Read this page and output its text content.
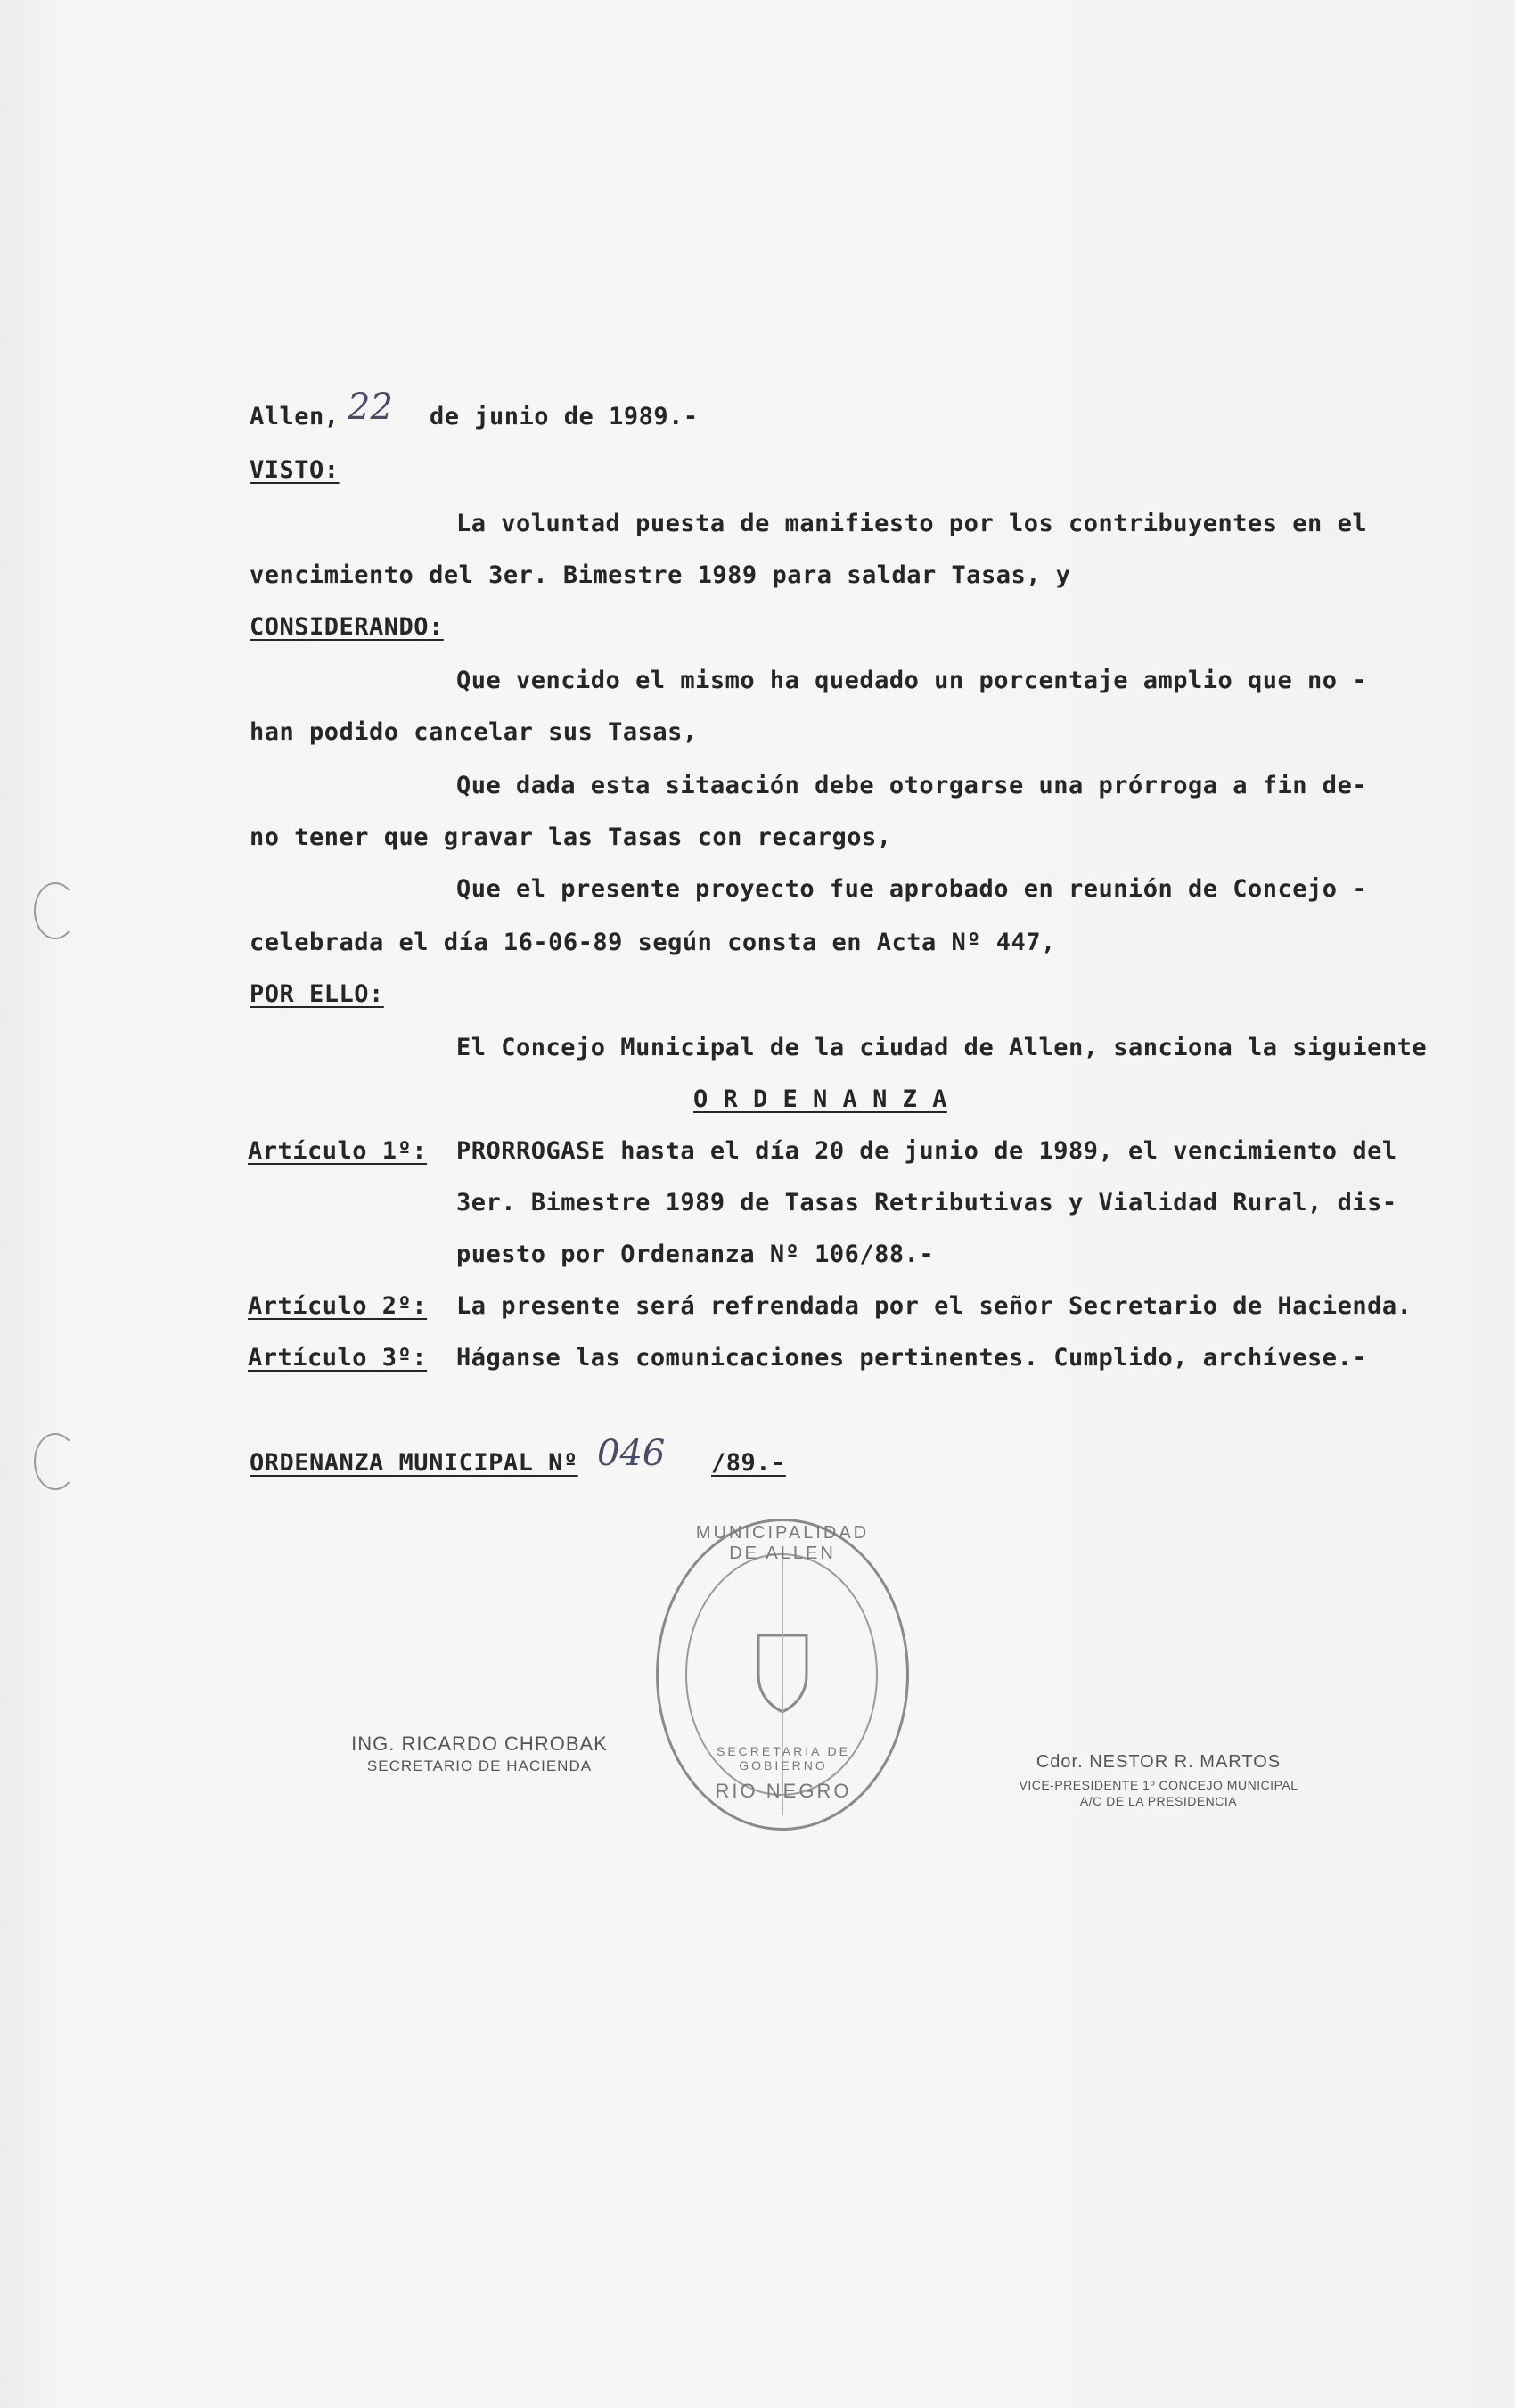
Allen, 22 de junio de 1989.-
VISTO:
La voluntad puesta de manifiesto por los contribuyentes en el
vencimiento del 3er. Bimestre 1989 para saldar Tasas, y
CONSIDERANDO:
Que vencido el mismo ha quedado un porcentaje amplio que no -
han podido cancelar sus Tasas,
Que dada esta sitaación debe otorgarse una prórroga a fin de-
no tener que gravar las Tasas con recargos,
Que el presente proyecto fue aprobado en reunión de Concejo -
celebrada el día 16-06-89 según consta en Acta Nº 447,
POR ELLO:
El Concejo Municipal de la ciudad de Allen, sanciona la siguiente
O R D E N A N Z A
Artículo 1º: PRORROGASE hasta el día 20 de junio de 1989, el vencimiento del
3er. Bimestre 1989 de Tasas Retributivas y Vialidad Rural, dis-
puesto por Ordenanza Nº 106/88.-
Artículo 2º: La presente será refrendada por el señor Secretario de Hacienda.
Artículo 3º: Háganse las comunicaciones pertinentes. Cumplido, archívese.-
ORDENANZA MUNICIPAL Nº 046 /89.-
MUNICIPALIDAD DE ALLEN
SECRETARIA DE GOBIERNO
RIO NEGRO
ING. RICARDO CHROBAK
SECRETARIO DE HACIENDA	Cdor. NESTOR R. MARTOS
VICE-PRESIDENTE 1º CONCEJO MUNICIPAL
A/C DE LA PRESIDENCIA
